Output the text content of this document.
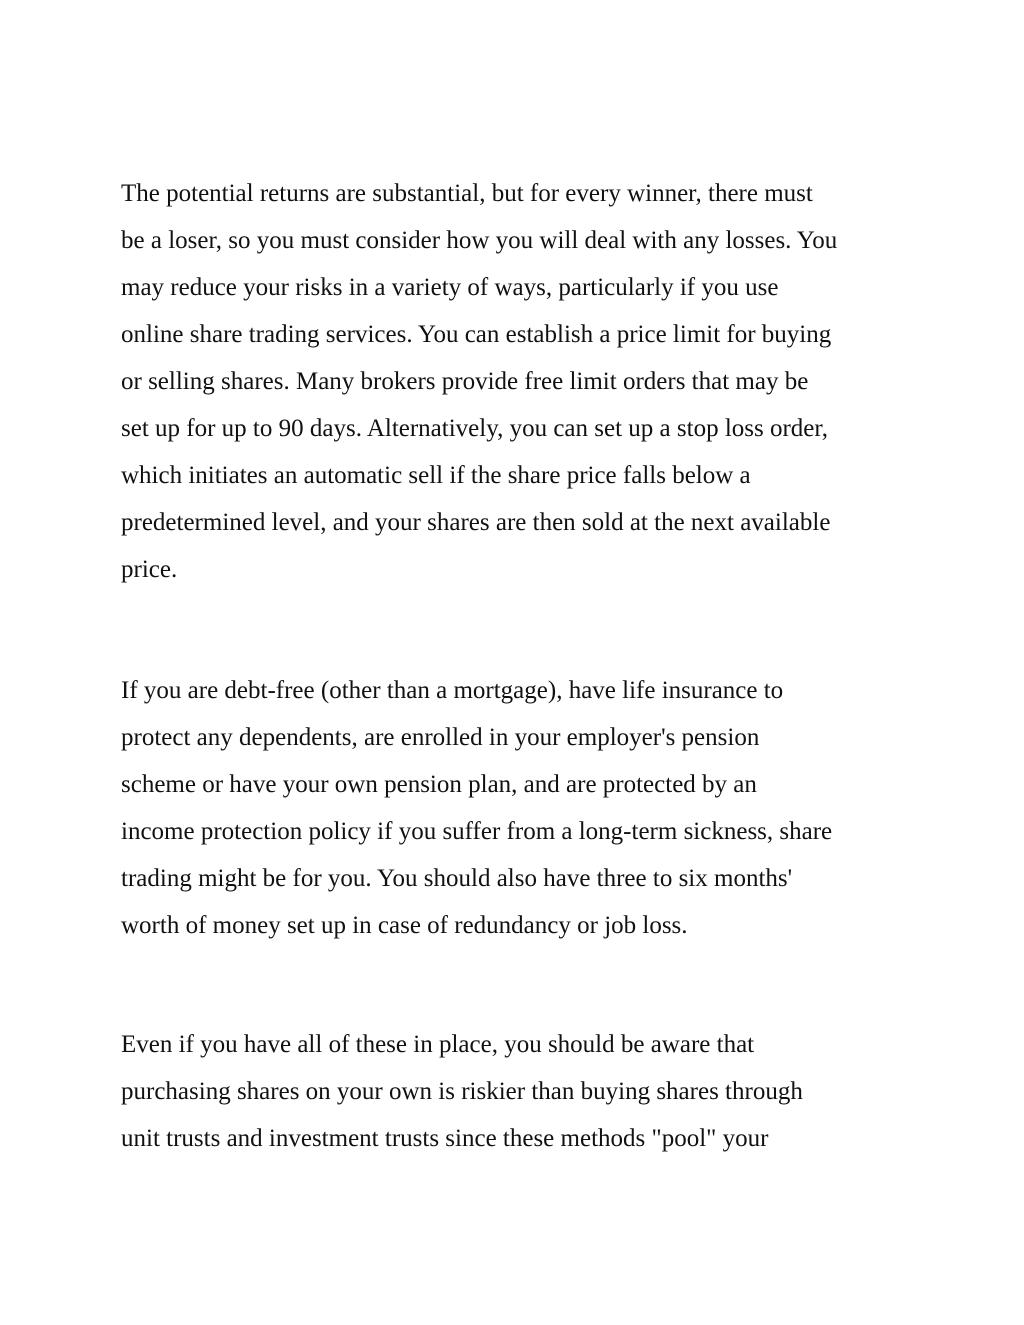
The potential returns are substantial, but for every winner, there must
be a loser, so you must consider how you will deal with any losses. You
may reduce your risks in a variety of ways, particularly if you use
online share trading services. You can establish a price limit for buying
or selling shares. Many brokers provide free limit orders that may be
set up for up to 90 days. Alternatively, you can set up a stop loss order,
which initiates an automatic sell if the share price falls below a
predetermined level, and your shares are then sold at the next available
price.
If you are debt-free (other than a mortgage), have life insurance to
protect any dependents, are enrolled in your employer's pension
scheme or have your own pension plan, and are protected by an
income protection policy if you suffer from a long-term sickness, share
trading might be for you. You should also have three to six months'
worth of money set up in case of redundancy or job loss.
Even if you have all of these in place, you should be aware that
purchasing shares on your own is riskier than buying shares through
unit trusts and investment trusts since these methods "pool" your
